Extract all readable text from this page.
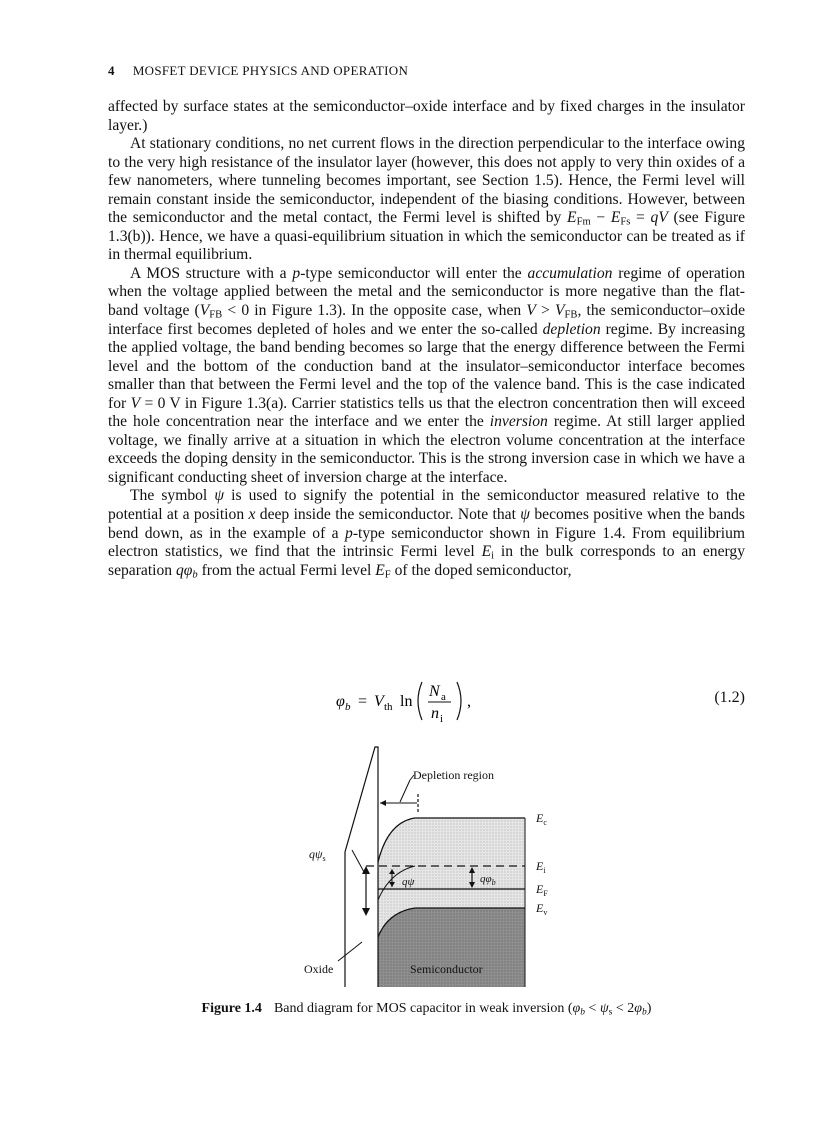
4 MOSFET DEVICE PHYSICS AND OPERATION

affected by surface states at the semiconductor–oxide interface and by fixed charges in the insulator layer.)

At stationary conditions, no net current flows in the direction perpendicular to the interface owing to the very high resistance of the insulator layer (however, this does not apply to very thin oxides of a few nanometers, where tunneling becomes important, see Section 1.5). Hence, the Fermi level will remain constant inside the semiconductor, independent of the biasing conditions. However, between the semiconductor and the metal contact, the Fermi level is shifted by $E_{Fm} - E_{Fs}$ = qV (see Figure 1.3(b)). Hence, we have a quasi-equilibrium situation in which the semiconductor can be treated as if in thermal equilibrium.

A MOS structure with a p-type semiconductor will enter the accumulation regime of operation when the voltage applied between the metal and the semiconductor is more negative than the flat-band voltage ($V_{FB} < 0$ in Figure 1.3). In the opposite case, when $V > V_{FB}$, the semiconductor–oxide interface first becomes depleted of holes and we enter the so-called depletion regime. By increasing the applied voltage, the band bending becomes so large that the energy difference between the Fermi level and the bottom of the conduction band at the insulator–semiconductor interface becomes smaller than that between the Fermi level and the top of the valence band. This is the case indicated for V = 0 V in Figure 1.3(a). Carrier statistics tells us that the electron concentration then will exceed the hole concentration near the interface and we enter the inversion regime. At still larger applied voltage, we finally arrive at a situation in which the electron volume concentration at the interface exceeds the doping density in the semiconductor. This is the strong inversion case in which we have a significant conducting sheet of inversion charge at the interface.

The symbol ψ is used to signify the potential in the semiconductor measured relative to the potential at a position x deep inside the semiconductor. Note that ψ becomes positive when the bands bend down, as in the example of a p-type semiconductor shown in Figure 1.4. From equilibrium electron statistics, we find that the intrinsic Fermi level $E_i$ in the bulk corresponds to an energy separation $q\varphi_b$ from the actual Fermi level $E_F$ of the doped semiconductor,

φ b = V th ln
N a
n i
,	(1.2)
Depletion region
$E_c$
$E_i$
$E_F$
$E_v$
$q\psi_s$
qψ	$q\varphi_b$
Oxide	Semiconductor
Figure 1.4 Band diagram for MOS capacitor in weak inversion $(\varphi_b < \psi_s < 2\varphi_b)$
